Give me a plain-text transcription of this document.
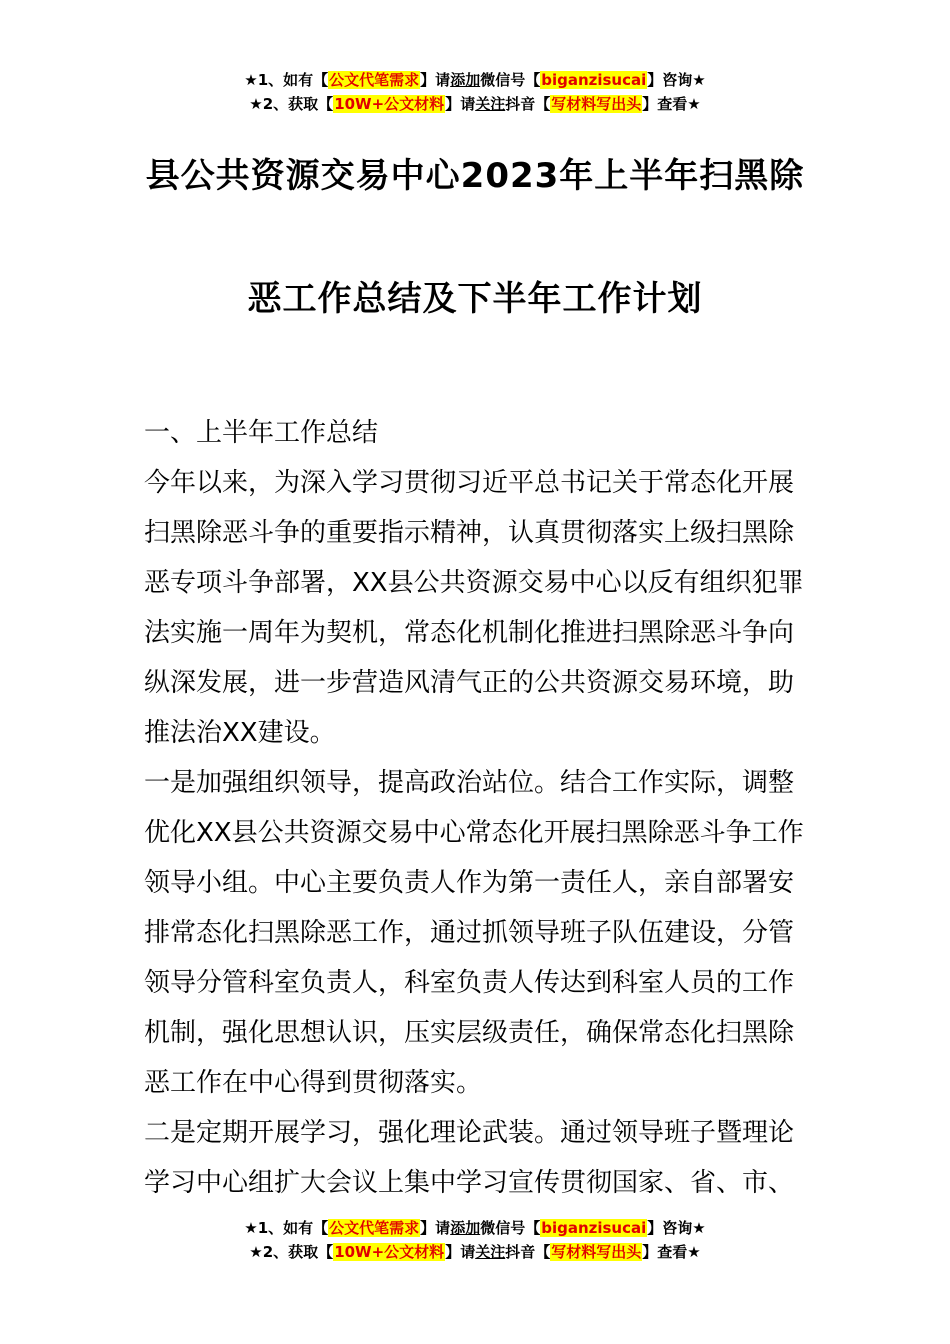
★1、如有【公文代笔需求】请添加微信号【biganzisucai】咨询★
★2、获取【10W+公文材料】请关注抖音【写材料写出头】查看★
县公共资源交易中心2023年上半年扫黑除
恶工作总结及下半年工作计划

一、上半年工作总结

今年以来，为深入学习贯彻习近平总书记关于常态化开展

扫黑除恶斗争的重要指示精神，认真贯彻落实上级扫黑除

恶专项斗争部署，XX县公共资源交易中心以反有组织犯罪

法实施一周年为契机，常态化机制化推进扫黑除恶斗争向

纵深发展，进一步营造风清气正的公共资源交易环境，助

推法治XX建设。

一是加强组织领导，提高政治站位。结合工作实际，调整

优化XX县公共资源交易中心常态化开展扫黑除恶斗争工作

领导小组。中心主要负责人作为第一责任人，亲自部署安

排常态化扫黑除恶工作，通过抓领导班子队伍建设，分管

领导分管科室负责人，科室负责人传达到科室人员的工作

机制，强化思想认识，压实层级责任，确保常态化扫黑除

恶工作在中心得到贯彻落实。

二是定期开展学习，强化理论武装。通过领导班子暨理论

学习中心组扩大会议上集中学习宣传贯彻国家、省、市、

★1、如有【公文代笔需求】请添加微信号【biganzisucai】咨询★
★2、获取【10W+公文材料】请关注抖音【写材料写出头】查看★
